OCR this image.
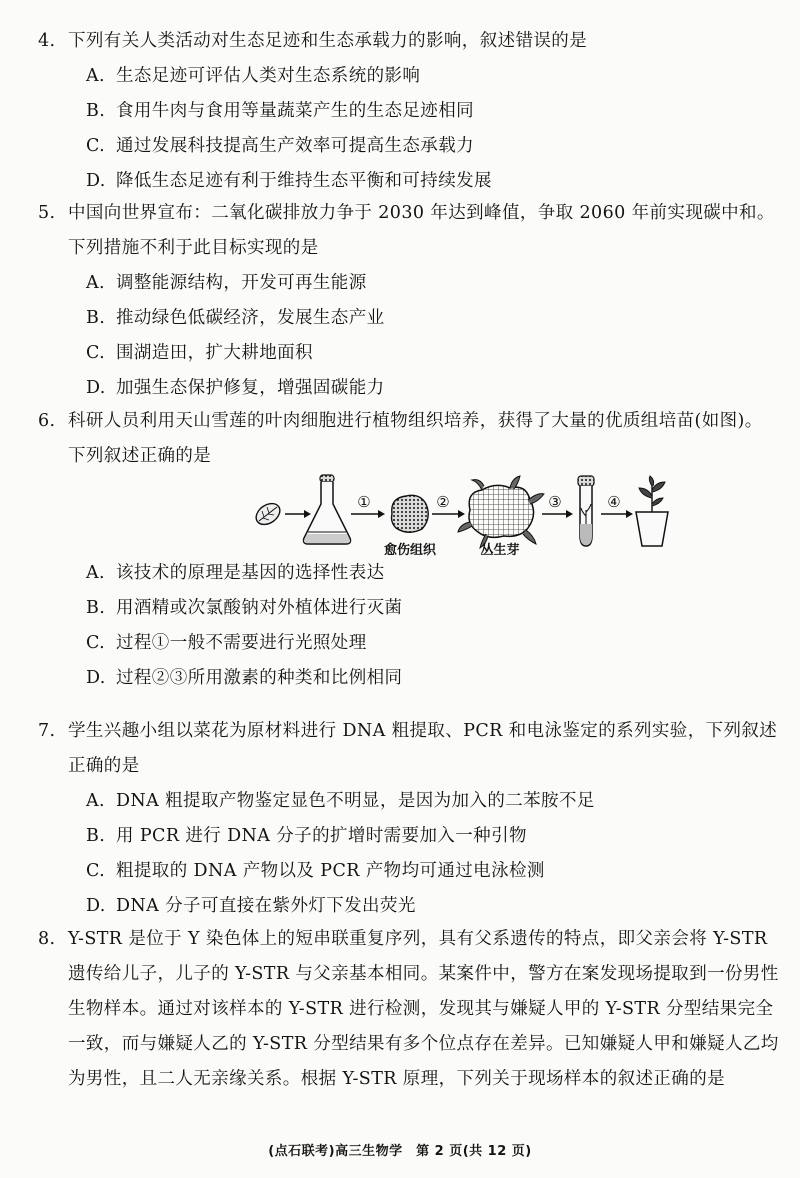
4. 下列有关人类活动对生态足迹和生态承载力的影响，叙述错误的是
A. 生态足迹可评估人类对生态系统的影响
B. 食用牛肉与食用等量蔬菜产生的生态足迹相同
C. 通过发展科技提高生产效率可提高生态承载力
D. 降低生态足迹有利于维持生态平衡和可持续发展
5. 中国向世界宣布：二氧化碳排放力争于 2030 年达到峰值，争取 2060 年前实现碳中和。下列措施不利于此目标实现的是
A. 调整能源结构，开发可再生能源
B. 推动绿色低碳经济，发展生态产业
C. 围湖造田，扩大耕地面积
D. 加强生态保护修复，增强固碳能力
6. 科研人员利用天山雪莲的叶肉细胞进行植物组织培养，获得了大量的优质组培苗(如图)。下列叙述正确的是
①
愈伤组织
②
丛生芽
③	④
A. 该技术的原理是基因的选择性表达
B. 用酒精或次氯酸钠对外植体进行灭菌
C. 过程①一般不需要进行光照处理
D. 过程②③所用激素的种类和比例相同
7. 学生兴趣小组以菜花为原材料进行 DNA 粗提取、PCR 和电泳鉴定的系列实验，下列叙述正确的是
A. DNA 粗提取产物鉴定显色不明显，是因为加入的二苯胺不足
B. 用 PCR 进行 DNA 分子的扩增时需要加入一种引物
C. 粗提取的 DNA 产物以及 PCR 产物均可通过电泳检测
D. DNA 分子可直接在紫外灯下发出荧光
8. Y-STR 是位于 Y 染色体上的短串联重复序列，具有父系遗传的特点，即父亲会将 Y-STR 遗传给儿子，儿子的 Y-STR 与父亲基本相同。某案件中，警方在案发现场提取到一份男性生物样本。通过对该样本的 Y-STR 进行检测，发现其与嫌疑人甲的 Y-STR 分型结果完全一致，而与嫌疑人乙的 Y-STR 分型结果有多个位点存在差异。已知嫌疑人甲和嫌疑人乙均为男性，且二人无亲缘关系。根据 Y-STR 原理，下列关于现场样本的叙述正确的是
(点石联考)高三生物学　第 2 页(共 12 页)
